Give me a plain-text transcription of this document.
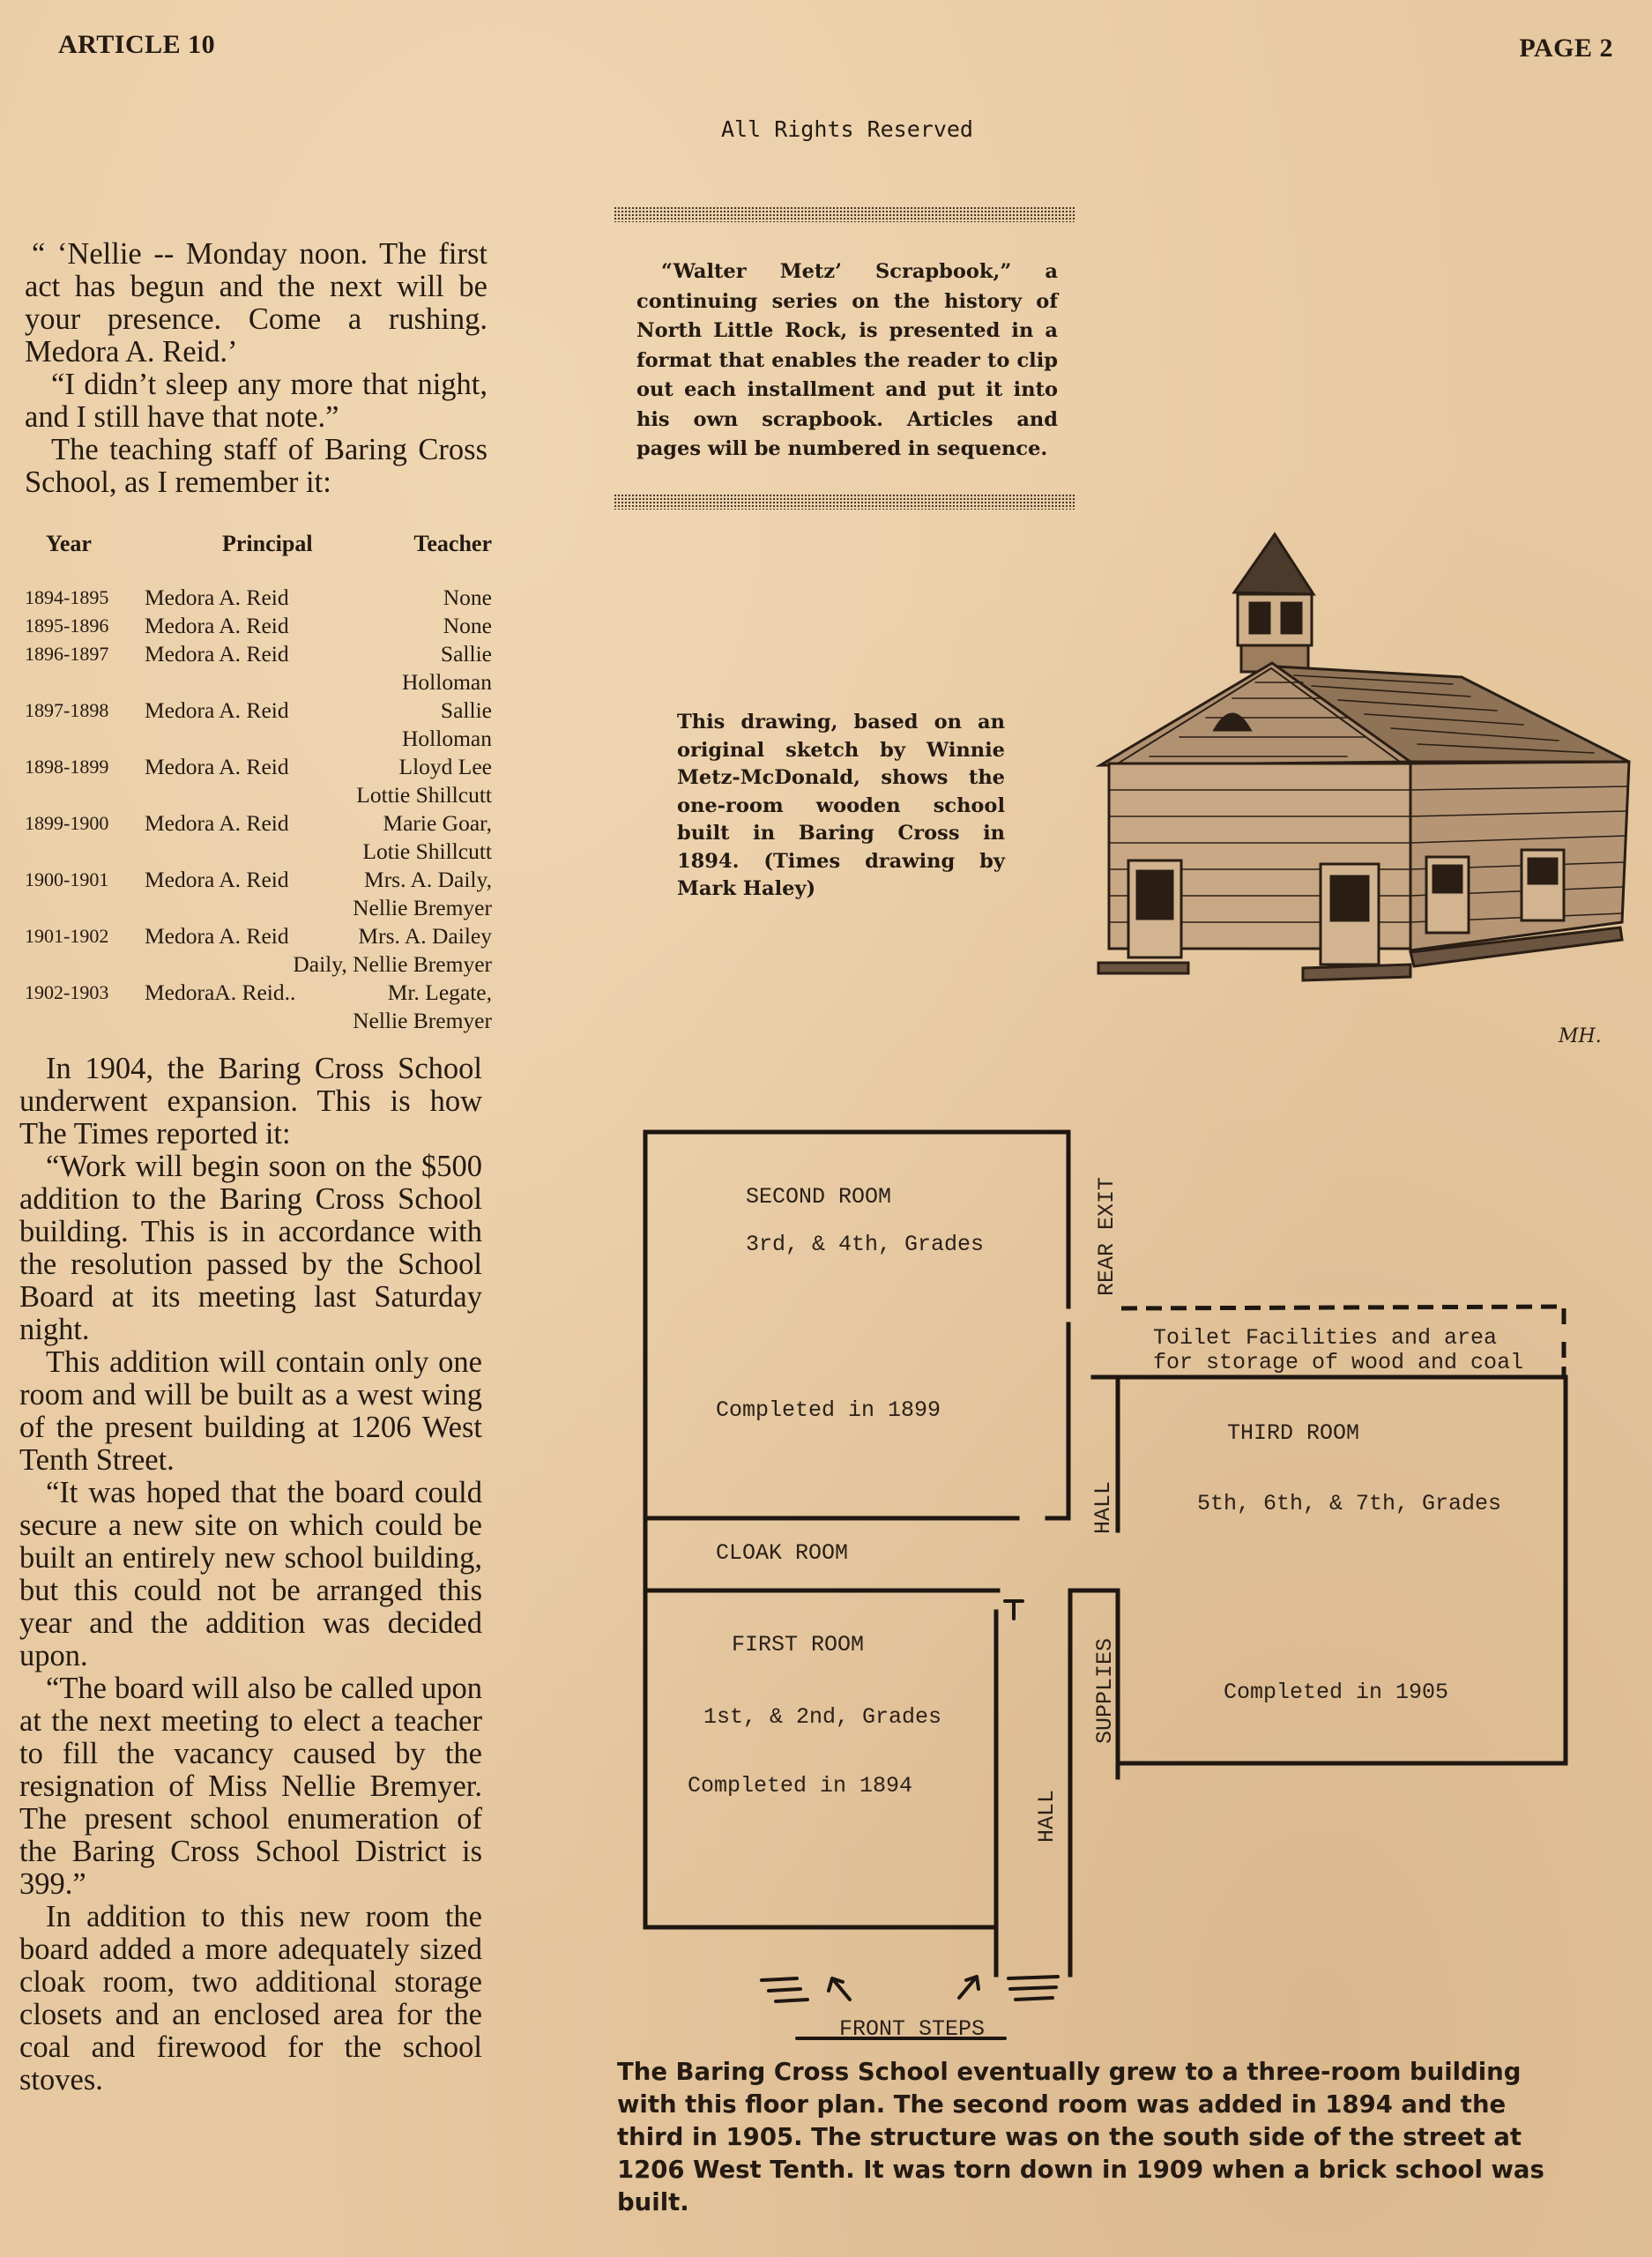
ARTICLE 10	PAGE 2
All Rights Reserved

“ ‘Nellie -- Monday noon. The first act has begun and the next will be your presence. Come a rushing. Medora A. Reid.’

“I didn’t sleep any more that night, and I still have that note.”

The teaching staff of Baring Cross School, as I remember it:

Year	Principal	Teacher
1894-1895 Medora A. Reid	None
1895-1896 Medora A. Reid	None
1896-1897 Medora A. Reid	Sallie
Holloman
1897-1898 Medora A. Reid	Sallie
Holloman
1898-1899 Medora A. Reid	Lloyd Lee
Lottie Shillcutt
1899-1900 Medora A. Reid	Marie Goar,
Lotie Shillcutt
1900-1901 Medora A. Reid	Mrs. A. Daily,
Nellie Bremyer
1901-1902 Medora A. Reid	Mrs. A. Dailey
Daily, Nellie Bremyer
1902-1903 MedoraA. Reid..	Mr. Legate,
Nellie Bremyer

In 1904, the Baring Cross School underwent expansion. This is how The Times reported it:

“Work will begin soon on the $500 addition to the Baring Cross School building. This is in accordance with the resolution passed by the School Board at its meeting last Saturday night.

This addition will contain only one room and will be built as a west wing of the present building at 1206 West Tenth Street.

“It was hoped that the board could secure a new site on which could be built an entirely new school building, but this could not be arranged this year and the addition was decided upon.

“The board will also be called upon at the next meeting to elect a teacher to fill the vacancy caused by the resignation of Miss Nellie Bremyer. The present school enumeration of the Baring Cross School District is 399.”

In addition to this new room the board added a more adequately sized cloak room, two additional storage closets and an enclosed area for the coal and firewood for the school stoves.

“Walter Metz’ Scrapbook,” a continuing series on the history of North Little Rock, is presented in a format that enables the reader to clip out each installment and put it into his own scrapbook. Articles and pages will be numbered in sequence.
This drawing, based on an original sketch by Winnie Metz-McDonald, shows the one-room wooden school built in Baring Cross in 1894. (Times drawing by Mark Haley)
MH.
SECOND ROOM
3rd, & 4th, Grades
Completed in 1899
CLOAK ROOM
FIRST ROOM
1st, & 2nd, Grades
Completed in 1894
Toilet Facilities and area
for storage of wood and coal
THIRD ROOM
5th, 6th, & 7th, Grades
Completed in 1905
REAR EXIT
HALL
SUPPLIES
HALL
FRONT STEPS
The Baring Cross School eventually grew to a three-room building with this floor plan. The second room was added in 1894 and the third in 1905. The structure was on the south side of the street at 1206 West Tenth. It was torn down in 1909 when a brick school was built.
